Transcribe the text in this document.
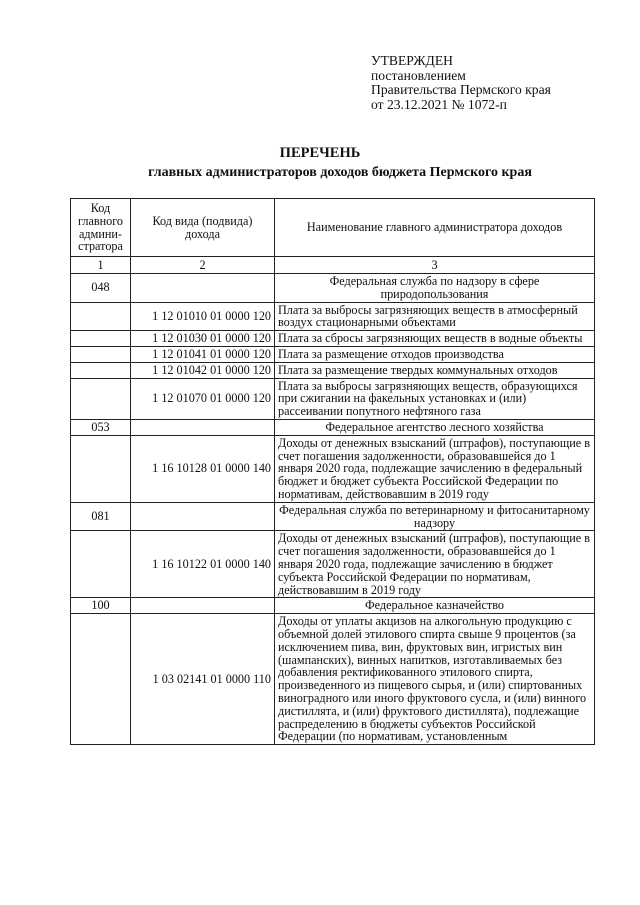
УТВЕРЖДЕН
постановлением
Правительства Пермского края
от 23.12.2021 № 1072-п
ПЕРЕЧЕНЬ
главных администраторов доходов бюджета Пермского края
Код главного админи-стратора	Код вида (подвида) дохода	Наименование главного администратора доходов
1	2	3
048		Федеральная служба по надзору в сфере природопользования
	1 12 01010 01 0000 120	Плата за выбросы загрязняющих веществ в атмосферный воздух стационарными объектами
	1 12 01030 01 0000 120	Плата за сбросы загрязняющих веществ в водные объекты
	1 12 01041 01 0000 120	Плата за размещение отходов производства
	1 12 01042 01 0000 120	Плата за размещение твердых коммунальных отходов
	1 12 01070 01 0000 120	Плата за выбросы загрязняющих веществ, образующихся при сжигании на факельных установках и (или) рассеивании попутного нефтяного газа
053		Федеральное агентство лесного хозяйства
	1 16 10128 01 0000 140	Доходы от денежных взысканий (штрафов), поступающие в счет погашения задолженности, образовавшейся до 1 января 2020 года, подлежащие зачислению в федеральный бюджет и бюджет субъекта Российской Федерации по нормативам, действовавшим в 2019 году
081		Федеральная служба по ветеринарному и фитосанитарному надзору
	1 16 10122 01 0000 140	Доходы от денежных взысканий (штрафов), поступающие в счет погашения задолженности, образовавшейся до 1 января 2020 года, подлежащие зачислению в бюджет субъекта Российской Федерации по нормативам, действовавшим в 2019 году
100		Федеральное казначейство
	1 03 02141 01 0000 110	Доходы от уплаты акцизов на алкогольную продукцию с объемной долей этилового спирта свыше 9 процентов (за исключением пива, вин, фруктовых вин, игристых вин (шампанских), винных напитков, изготавливаемых без добавления ректификованного этилового спирта, произведенного из пищевого сырья, и (или) спиртованных виноградного или иного фруктового сусла, и (или) винного дистиллята, и (или) фруктового дистиллята), подлежащие распределению в бюджеты субъектов Российской Федерации (по нормативам, установленным
